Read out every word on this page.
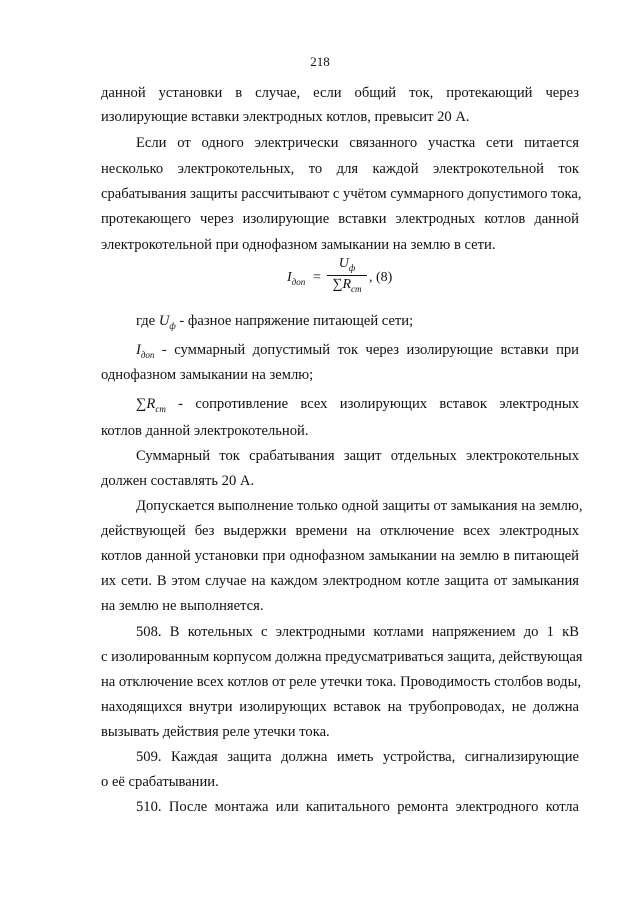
218
данной установки в случае, если общий ток, протекающий через
изолирующие вставки электродных котлов, превысит 20 А.
Если от одного электрически связанного участка сети питается
несколько электрокотельных, то для каждой электрокотельной ток
срабатывания защиты рассчитывают с учётом суммарного допустимого тока,
протекающего через изолирующие вставки электродных котлов данной
электрокотельной при однофазном замыкании на землю в сети.
$I_{доп}$ =
$U_ф$
$\sum R_{ст}$
, (8)
где $U_ф$ - фазное напряжение питающей сети;
$I_{доп}$ - суммарный допустимый ток через изолирующие вставки при
однофазном замыкании на землю;
$\sum R_{ст}$ - сопротивление всех изолирующих вставок электродных
котлов данной электрокотельной.
Суммарный ток срабатывания защит отдельных электрокотельных
должен составлять 20 А.
Допускается выполнение только одной защиты от замыкания на землю,
действующей без выдержки времени на отключение всех электродных
котлов данной установки при однофазном замыкании на землю в питающей
их сети. В этом случае на каждом электродном котле защита от замыкания
на землю не выполняется.
508. В котельных с электродными котлами напряжением до 1 кВ
с изолированным корпусом должна предусматриваться защита, действующая
на отключение всех котлов от реле утечки тока. Проводимость столбов воды,
находящихся внутри изолирующих вставок на трубопроводах, не должна
вызывать действия реле утечки тока.
509. Каждая защита должна иметь устройства, сигнализирующие
о её срабатывании.
510. После монтажа или капитального ремонта электродного котла
